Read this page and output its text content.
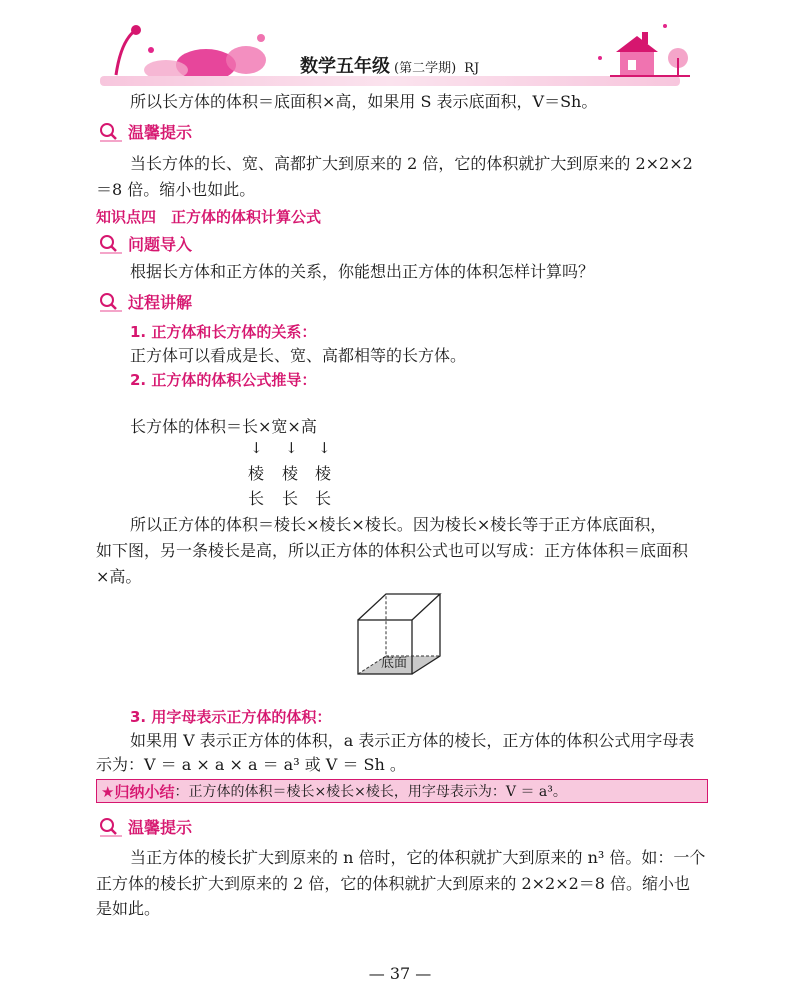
数学五年级 (第二学期) RJ
所以长方体的体积＝底面积×高，如果用 S 表示底面积，V＝Sh。
温馨提示
当长方体的长、宽、高都扩大到原来的 2 倍，它的体积就扩大到原来的 2×2×2
＝8 倍。缩小也如此。
知识点四　正方体的体积计算公式
问题导入
根据长方体和正方体的关系，你能想出正方体的体积怎样计算吗？
过程讲解
1. 正方体和长方体的关系：
正方体可以看成是长、宽、高都相等的长方体。
2. 正方体的体积公式推导：
长方体的体积＝长×宽×高
↓ ↓ ↓
棱 棱 棱
长 长 长
所以正方体的体积＝棱长×棱长×棱长。因为棱长×棱长等于正方体底面积，
如下图，另一条棱长是高，所以正方体的体积公式也可以写成：正方体体积＝底面积
×高。
底面
3. 用字母表示正方体的体积：
如果用 V 表示正方体的体积，a 表示正方体的棱长，正方体的体积公式用字母表
示为：V ＝ a × a × a ＝ a³ 或 V ＝ Sh 。
★归纳小结 ：正方体的体积＝棱长×棱长×棱长，用字母表示为：V ＝ a³。
温馨提示
当正方体的棱长扩大到原来的 n 倍时，它的体积就扩大到原来的 n³ 倍。如：一个
正方体的棱长扩大到原来的 2 倍，它的体积就扩大到原来的 2×2×2＝8 倍。缩小也
是如此。
— 37 —
